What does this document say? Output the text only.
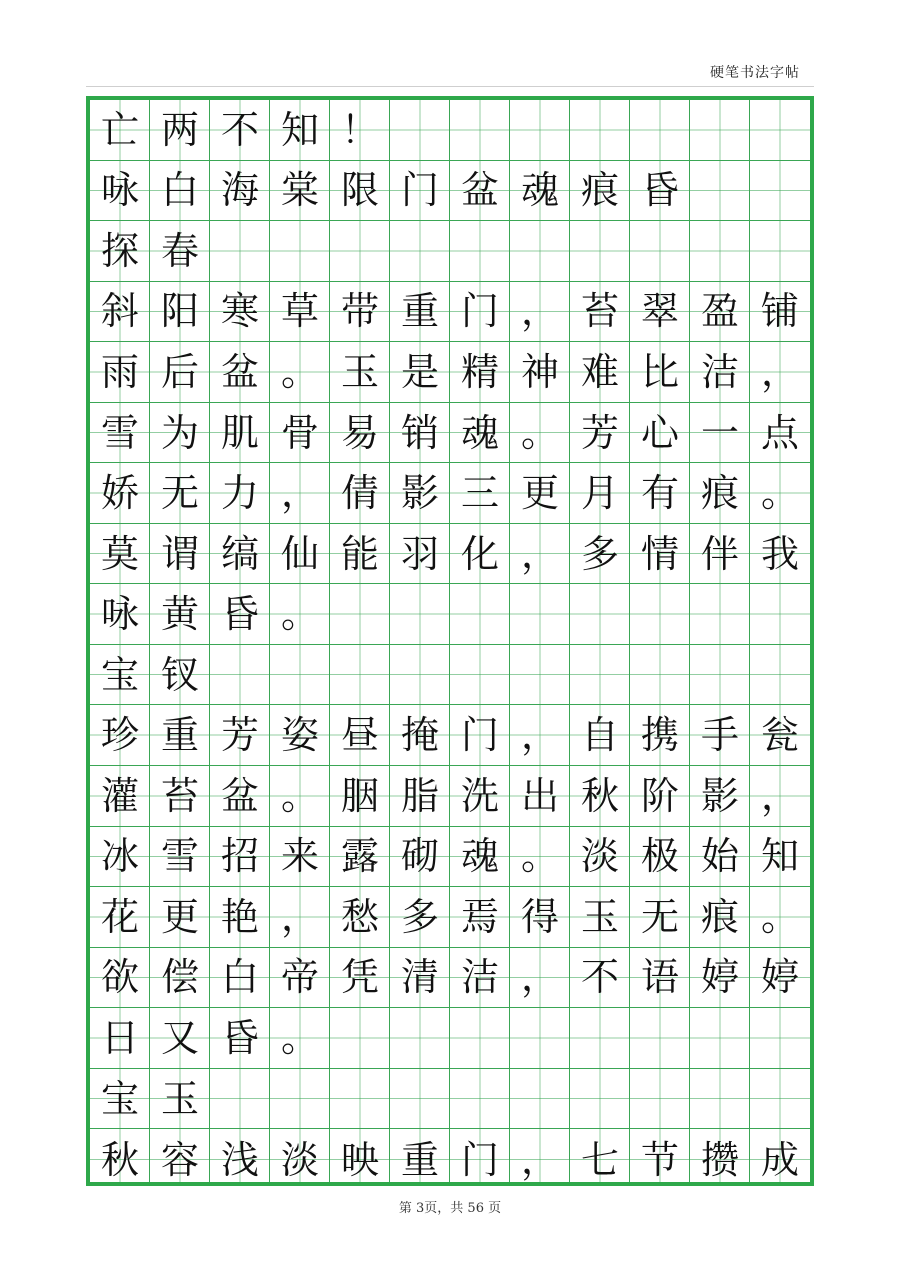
硬笔书法字帖
亡 两 不 知 ！
咏 白 海 棠 限 门 盆 魂 痕 昏
探 春
斜 阳 寒 草 带 重 门 ， 苔 翠 盈 铺
雨 后 盆 。 玉 是 精 神 难 比 洁 ，
雪 为 肌 骨 易 销 魂 。 芳 心 一 点
娇 无 力 ， 倩 影 三 更 月 有 痕 。
莫 谓 缟 仙 能 羽 化 ， 多 情 伴 我
咏 黄 昏 。
宝 钗
珍 重 芳 姿 昼 掩 门 ， 自 携 手 瓮
灌 苔 盆 。 胭 脂 洗 出 秋 阶 影 ，
冰 雪 招 来 露 砌 魂 。 淡 极 始 知
花 更 艳 ， 愁 多 焉 得 玉 无 痕 。
欲 偿 白 帝 凭 清 洁 ， 不 语 婷 婷
日 又 昏 。
宝 玉
秋 容 浅 淡 映 重 门 ， 七 节 攒 成
第 3页，共 56 页
